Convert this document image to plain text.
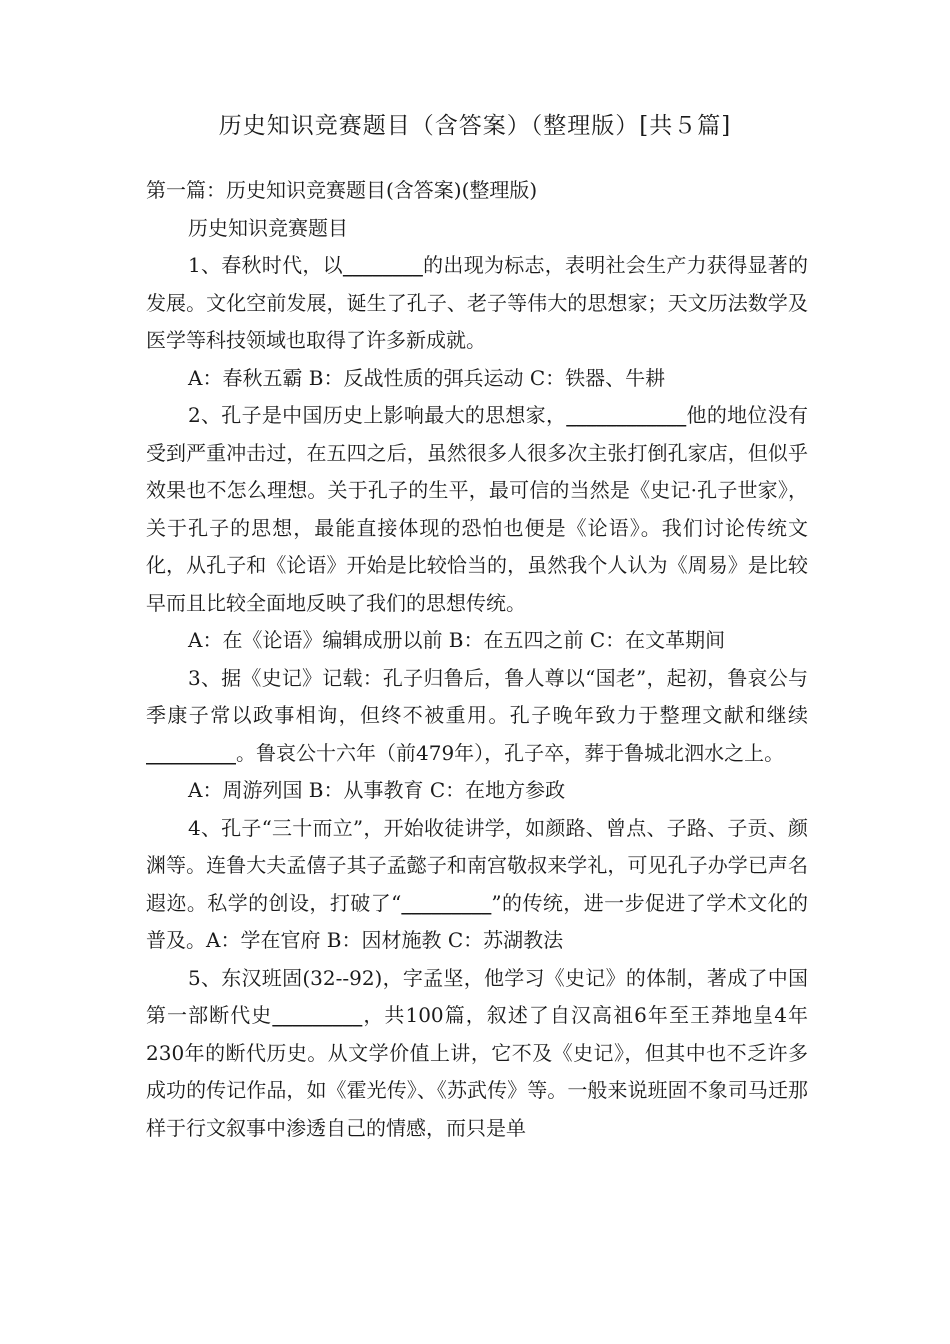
历史知识竞赛题目（含答案）（整理版）[共５篇]

第一篇：历史知识竞赛题目(含答案)(整理版)

历史知识竞赛题目

1、春秋时代，以________的出现为标志，表明社会生产力获得显著的发展。文化空前发展，诞生了孔子、老子等伟大的思想家；天文历法数学及医学等科技领域也取得了许多新成就。

A：春秋五霸 B：反战性质的弭兵运动 C：铁器、牛耕

2、孔子是中国历史上影响最大的思想家，____________他的地位没有受到严重冲击过，在五四之后，虽然很多人很多次主张打倒孔家店，但似乎效果也不怎么理想。关于孔子的生平，最可信的当然是《史记·孔子世家》，关于孔子的思想，最能直接体现的恐怕也便是《论语》。我们讨论传统文化，从孔子和《论语》开始是比较恰当的，虽然我个人认为《周易》是比较早而且比较全面地反映了我们的思想传统。

A：在《论语》编辑成册以前 B：在五四之前 C：在文革期间

3、据《史记》记载：孔子归鲁后，鲁人尊以“国老”，起初，鲁哀公与季康子常以政事相询，但终不被重用。孔子晚年致力于整理文献和继续_________。鲁哀公十六年（前479年），孔子卒，葬于鲁城北泗水之上。

A：周游列国 B：从事教育 C：在地方参政

4、孔子“三十而立”，开始收徒讲学，如颜路、曾点、子路、子贡、颜渊等。连鲁大夫孟僖子其子孟懿子和南宫敬叔来学礼，可见孔子办学已声名遐迩。私学的创设，打破了“_________”的传统，进一步促进了学术文化的普及。A：学在官府 B：因材施教 C：苏湖教法

5、东汉班固(32--92)，字孟坚，他学习《史记》的体制，著成了中国第一部断代史_________，共100篇，叙述了自汉高祖6年至王莽地皇4年230年的断代历史。从文学价值上讲，它不及《史记》，但其中也不乏许多成功的传记作品，如《霍光传》、《苏武传》等。一般来说班固不象司马迁那样于行文叙事中渗透自己的情感，而只是单
